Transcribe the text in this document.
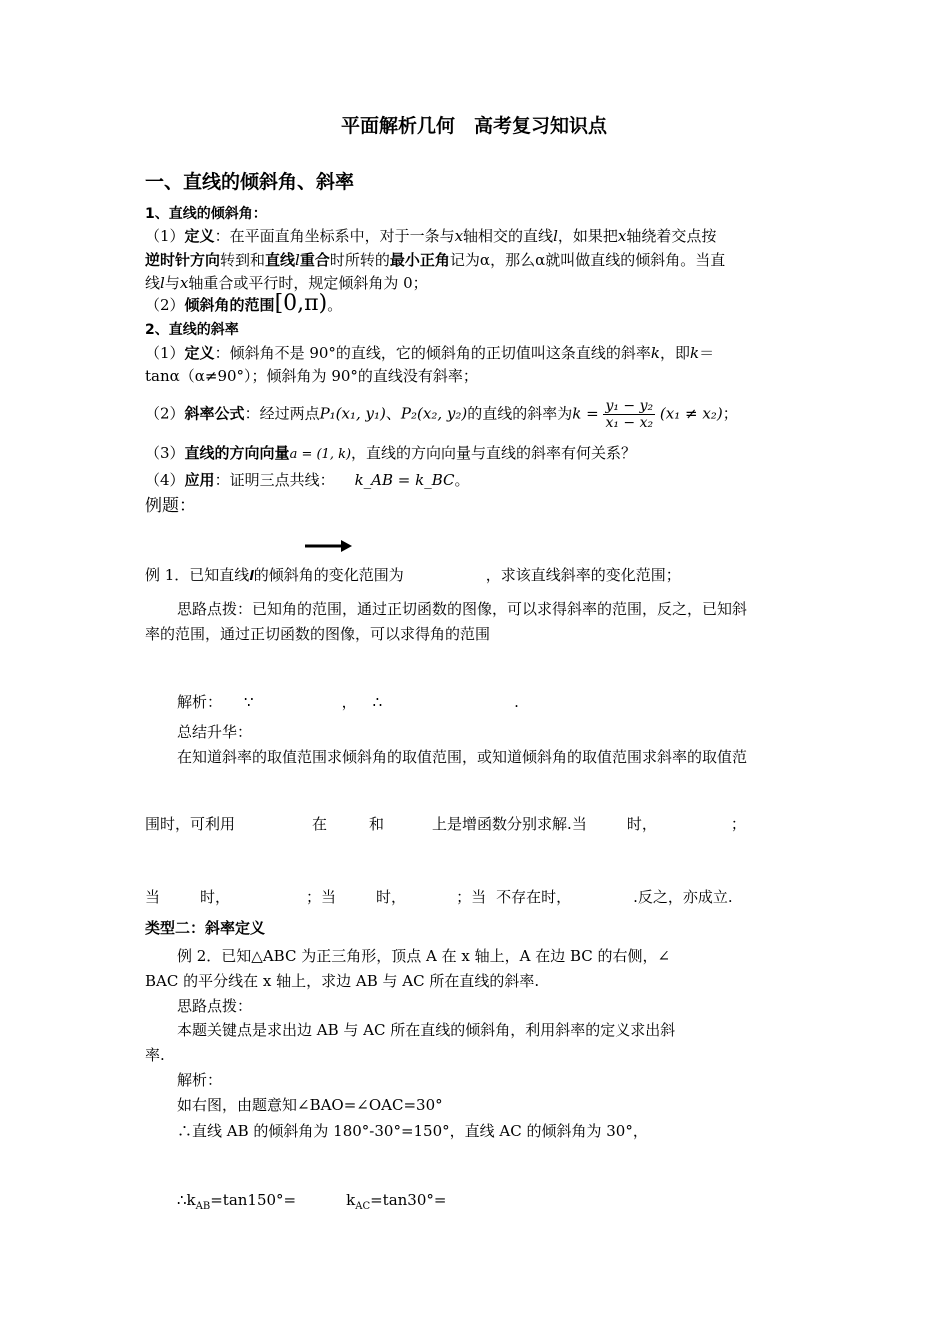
平面解析几何　高考复习知识点
一、直线的倾斜角、斜率
1、直线的倾斜角：
（1）定义：在平面直角坐标系中，对于一条与x轴相交的直线l，如果把x轴绕着交点按
逆时针方向转到和直线l重合时所转的最小正角记为α，那么α就叫做直线的倾斜角。当直
线l与x轴重合或平行时，规定倾斜角为 0；
（2）倾斜角的范围[0,π)。
2、直线的斜率
（1）定义：倾斜角不是 90°的直线，它的倾斜角的正切值叫这条直线的斜率k，即k＝
tanα（α≠90°）；倾斜角为 90°的直线没有斜率；
（2）斜率公式：经过两点P₁(x₁, y₁)、P₂(x₂, y₂)的直线的斜率为$k = \frac{\text{y₁ − y₂}}{\text{x₁ − x₂}} (x_1 \ne x_2)$；
（3）直线的方向向量a = (1, k)，直线的方向向量与直线的斜率有何关系？
（4）应用：证明三点共线： k_AB = k_BC。
例题：
例 1．已知直线l的倾斜角的变化范围为	，求该直线斜率的变化范围；
思路点拨：已知角的范围，通过正切函数的图像，可以求得斜率的范围，反之，已知斜
率的范围，通过正切函数的图像，可以求得角的范围
解析： ∵	， ∴	.
总结升华：
在知道斜率的取值范围求倾斜角的取值范围，或知道倾斜角的取值范围求斜率的取值范
围时，可利用	在	和	上是增函数分别求解.当	时，	；
当	时，	；当	时，	；当 不存在时，	.反之，亦成立.
类型二：斜率定义
例 2．已知△ABC 为正三角形，顶点 A 在 x 轴上，A 在边 BC 的右侧，∠
BAC 的平分线在 x 轴上，求边 AB 与 AC 所在直线的斜率.
思路点拨：
本题关键点是求出边 AB 与 AC 所在直线的倾斜角，利用斜率的定义求出斜
率.
解析：
如右图，由题意知∠BAO=∠OAC=30°
∴直线 AB 的倾斜角为 180°-30°=150°，直线 AC 的倾斜角为 30°，
$\therefore k_{AB}=\tan 150^\circ=$	$k_{AC}=\tan 30^\circ=$
